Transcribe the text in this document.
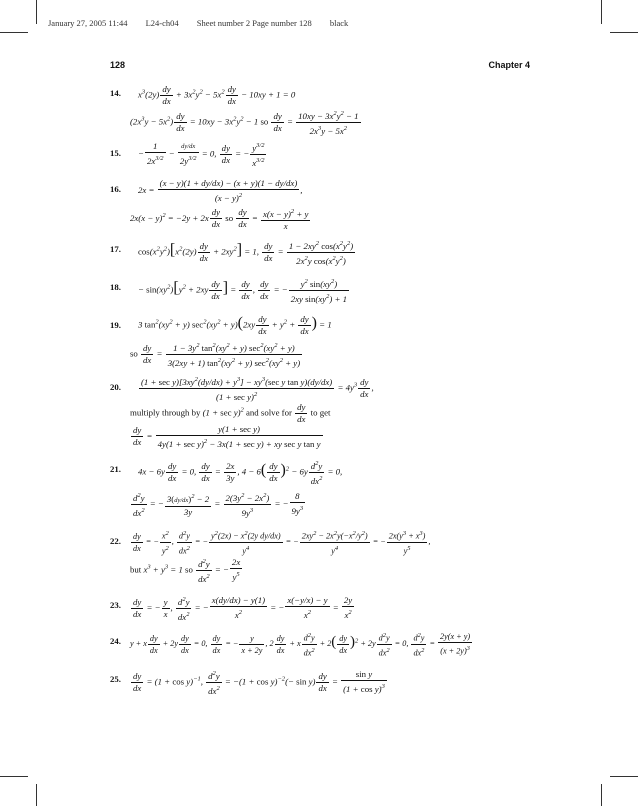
January 27, 2005 11:44 L24-ch04 Sheet number 2 Page number 128 black
128	Chapter 4
14. $x^3(2y) \frac{dy}{dx} + 3x^2y^2 - 5x^2 \frac{dy}{dx} - 10xy + 1 = 0$
$(2x^3y - 5x^2) \frac{dy}{dx} = 10xy - 3x^2y^2 - 1$ so $\frac{dy}{dx} = \frac{10xy - 3x^2y^2 - 1}{2x^3y - 5x^2}$
15. − $\frac{1}{2x^{3/2}} - \frac{dy/dx}{2y^{3/2}} = 0$, $\frac{dy}{dx}$ = − $\frac{y^{3/2}}{x^{3/2}}$
16. $2x = \frac{(x - y)(1 + dy/dx) - (x + y)(1 - dy/dx)}{(x - y)^2}$ ,
$2x(x - y)^2 = -2y + 2x \frac{dy}{dx}$ so $\frac{dy}{dx} = \frac{x(x - y)^2 + y}{x}$
17. $\cos(x^2y^2)[x^2(2y) \frac{dy}{dx} + 2xy^2] = 1$, $\frac{dy}{dx} = \frac{1 - 2xy^2 \cos(x^2y^2)}{2x^2y \cos(x^2y^2)}$
18. − $\sin(xy^2)[y^2 + 2xy \frac{dy}{dx}$ ] = $\frac{dy}{dx}$ , $\frac{dy}{dx}$ = − $\frac{y^2 \sin(xy^2)}{2xy \sin(xy^2) + 1}$
19. 3 $\tan^2(xy^2 + y) \sec^2(xy^2 + y)(2xy \frac{dy}{dx} + y^2 + \frac{dy}{dx}$ ) = 1
so $\frac{dy}{dx} = \frac{1 - 3y^2 \tan^2(xy^2 + y) \sec^2(xy^2 + y)}{3(2xy + 1) \tan^2(xy^2 + y) \sec^2(xy^2 + y)}$
20. $\frac{(1 + \sec y)[3xy^2(dy/dx) + y^3] - xy^3(\sec y \tan y)(dy/dx)}{(1 + \sec y)^2} = 4y^3 \frac{dy}{dx}$ ,
multiply through by $(1 + \sec y)^2$ and solve for $\frac{dy}{dx}$ to get
$\frac{dy}{dx} = \frac{\text{y(1 + sec y)}}{4y(1 + \sec y)^2 - 3x(1 + \sec y) + xy \sec y \tan y}$
21. $4x - 6y \frac{dy}{dx} = 0$, $\frac{dy}{dx} = \frac{2x}{3y}$ , $4 - 6( \frac{dy}{dx} )^2 - 6y \frac{d^2y}{dx^2} = 0$,
$\frac{d^2y}{dx^2}$ = − $\frac{3(dy/dx)^2 - 2}{3y} = \frac{2(3y^2 - 2x^2)}{9y^3}$ = − $\frac{8}{9y^3}$
22. $\frac{dy}{dx}$ = − $\frac{x^2}{y^2}$ , $\frac{d^2y}{dx^2}$ = − $\frac{y^2(2x) - x^2(2y dy/dx)}{y^4}$ = − $\frac{2xy^2 - 2x^2y(-x^2/y^2)}{y^4}$ = − $\frac{2x(y^3 + x^3)}{y^5}$ ,
but $x^3 + y^3 = 1$ so $\frac{d^2y}{dx^2}$ = − $\frac{2x}{y^5}$
23. $\frac{dy}{dx}$ = − $\frac{y}{x}$ , $\frac{d^2y}{dx^2}$ = − $\frac{x(dy/dx) - y(1)}{x^2}$ = − $\frac{x(-y/x) - y}{x^2} = \frac{2y}{x^2}$
24. y + x $\frac{dy}{dx} + 2y \frac{dy}{dx} = 0$, $\frac{dy}{dx}$ = − $\frac{y}{x + 2y}$ , $2 \frac{dy}{dx} + x \frac{d^2y}{dx^2} + 2( \frac{dy}{dx} )^2 + 2y \frac{d^2y}{dx^2} = 0$, $\frac{d^2y}{dx^2} = \frac{2y(x + y)}{(x + 2y)^3}$
25. $\frac{dy}{dx} = (1 + \cos y)^{-1}$, $\frac{d^2y}{dx^2} = -(1 + \cos y)^{-2}(- \sin y) \frac{dy}{dx} = \frac{\text{sin y}}{(1 + \cos y)^3}$
